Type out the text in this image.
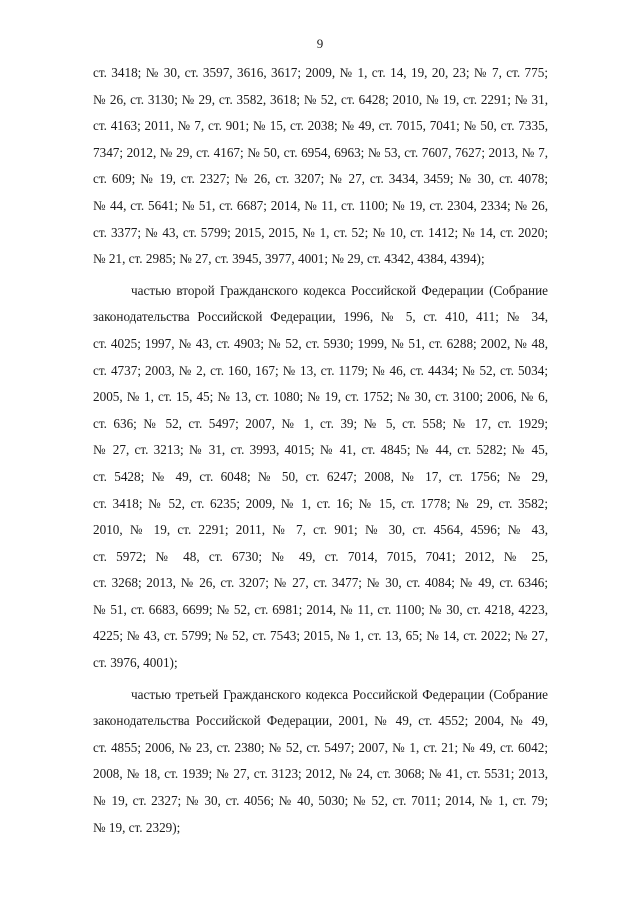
9

ст. 3418; № 30, ст. 3597, 3616, 3617; 2009, № 1, ст. 14, 19, 20, 23; № 7, ст. 775;
№ 26, ст. 3130; № 29, ст. 3582, 3618; № 52, ст. 6428; 2010, № 19, ст. 2291; № 31,
ст. 4163; 2011, № 7, ст. 901; № 15, ст. 2038; № 49, ст. 7015, 7041; № 50, ст. 7335,
7347; 2012, № 29, ст. 4167; № 50, ст. 6954, 6963; № 53, ст. 7607, 7627; 2013, № 7,
ст. 609; № 19, ст. 2327; № 26, ст. 3207; № 27, ст. 3434, 3459; № 30, ст. 4078;
№ 44, ст. 5641; № 51, ст. 6687; 2014, № 11, ст. 1100; № 19, ст. 2304, 2334; № 26,
ст. 3377; № 43, ст. 5799; 2015, 2015, № 1, ст. 52; № 10, ст. 1412; № 14, ст. 2020;
№ 21, ст. 2985; № 27, ст. 3945, 3977, 4001; № 29, ст. 4342, 4384, 4394);

частью второй Гражданского кодекса Российской Федерации (Собрание
законодательства Российской Федерации, 1996, № 5, ст. 410, 411; № 34,
ст. 4025; 1997, № 43, ст. 4903; № 52, ст. 5930; 1999, № 51, ст. 6288; 2002, № 48,
ст. 4737; 2003, № 2, ст. 160, 167; № 13, ст. 1179; № 46, ст. 4434; № 52, ст. 5034;
2005, № 1, ст. 15, 45; № 13, ст. 1080; № 19, ст. 1752; № 30, ст. 3100; 2006, № 6,
ст. 636; № 52, ст. 5497; 2007, № 1, ст. 39; № 5, ст. 558; № 17, ст. 1929;
№ 27, ст. 3213; № 31, ст. 3993, 4015; № 41, ст. 4845; № 44, ст. 5282; № 45,
ст. 5428; № 49, ст. 6048; № 50, ст. 6247; 2008, № 17, ст. 1756; № 29,
ст. 3418; № 52, ст. 6235; 2009, № 1, ст. 16; № 15, ст. 1778; № 29, ст. 3582;
2010, № 19, ст. 2291; 2011, № 7, ст. 901; № 30, ст. 4564, 4596; № 43,
ст. 5972; № 48, ст. 6730; № 49, ст. 7014, 7015, 7041; 2012, № 25,
ст. 3268; 2013, № 26, ст. 3207; № 27, ст. 3477; № 30, ст. 4084; № 49, ст. 6346;
№ 51, ст. 6683, 6699; № 52, ст. 6981; 2014, № 11, ст. 1100; № 30, ст. 4218, 4223,
4225; № 43, ст. 5799; № 52, ст. 7543; 2015, № 1, ст. 13, 65; № 14, ст. 2022; № 27,
ст. 3976, 4001);

частью третьей Гражданского кодекса Российской Федерации (Собрание
законодательства Российской Федерации, 2001, № 49, ст. 4552; 2004, № 49,
ст. 4855; 2006, № 23, ст. 2380; № 52, ст. 5497; 2007, № 1, ст. 21; № 49, ст. 6042;
2008, № 18, ст. 1939; № 27, ст. 3123; 2012, № 24, ст. 3068; № 41, ст. 5531; 2013,
№ 19, ст. 2327; № 30, ст. 4056; № 40, 5030; № 52, ст. 7011; 2014, № 1, ст. 79;
№ 19, ст. 2329);
